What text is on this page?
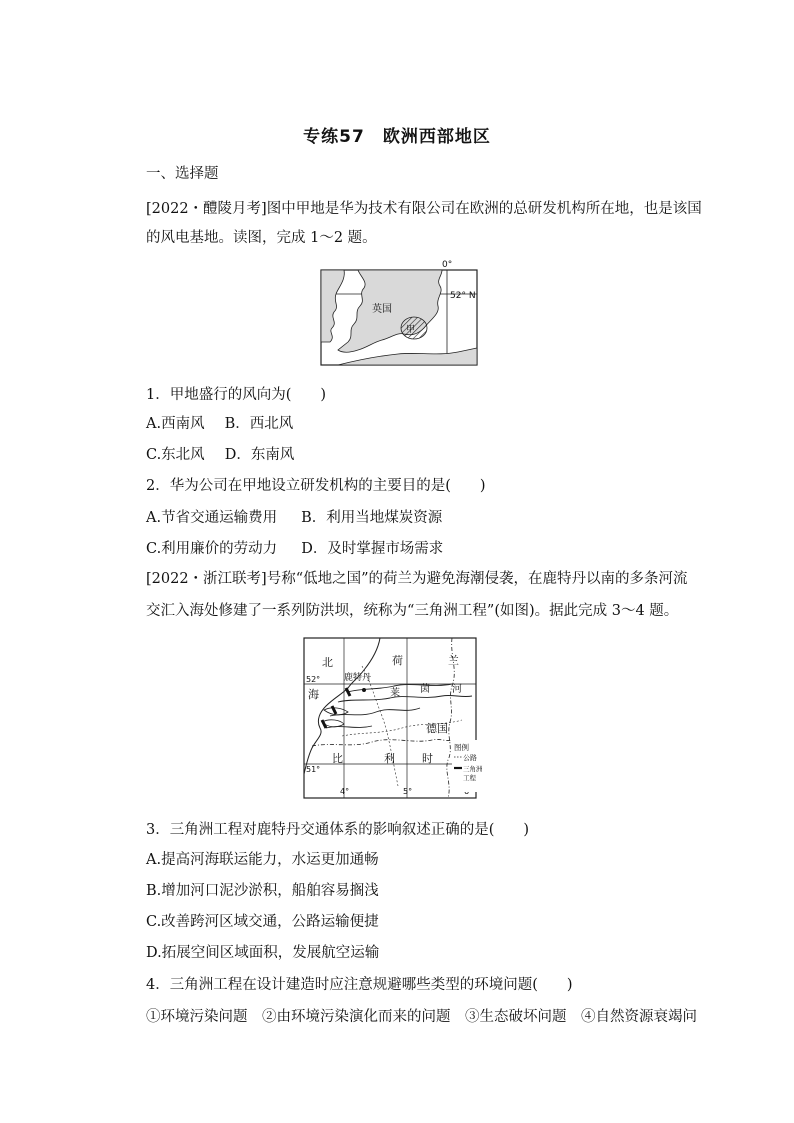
专练57 欧洲西部地区
一、选择题
[2022・醴陵月考]图中甲地是华为技术有限公司在欧洲的总研发机构所在地，也是该国
的风电基地。读图，完成 1～2 题。
甲
英国
0°
52° N
1．甲地盛行的风向为(　　)
A.西南风 B．西北风
C.东北风 D．东南风
2．华为公司在甲地设立研发机构的主要目的是(　　)
A.节省交通运输费用 B．利用当地煤炭资源
C.利用廉价的劳动力 D．及时掌握市场需求
[2022・浙江联考]号称“低地之国”的荷兰为避免海潮侵袭，在鹿特丹以南的多条河流
交汇入海处修建了一系列防洪坝，统称为“三角洲工程”(如图)。据此完成 3～4 题。
北
海
荷	兰
鹿特丹
莱 茵 河
德国
比	利 时
52°
51°
4°	5°
图例
公路
三角洲
工程
3．三角洲工程对鹿特丹交通体系的影响叙述正确的是(　　)
A.提高河海联运能力，水运更加通畅
B.增加河口泥沙淤积，船舶容易搁浅
C.改善跨河区域交通，公路运输便捷
D.拓展空间区域面积，发展航空运输
4．三角洲工程在设计建造时应注意规避哪些类型的环境问题(　　)
①环境污染问题　②由环境污染演化而来的问题　③生态破坏问题　④自然资源衰竭问
